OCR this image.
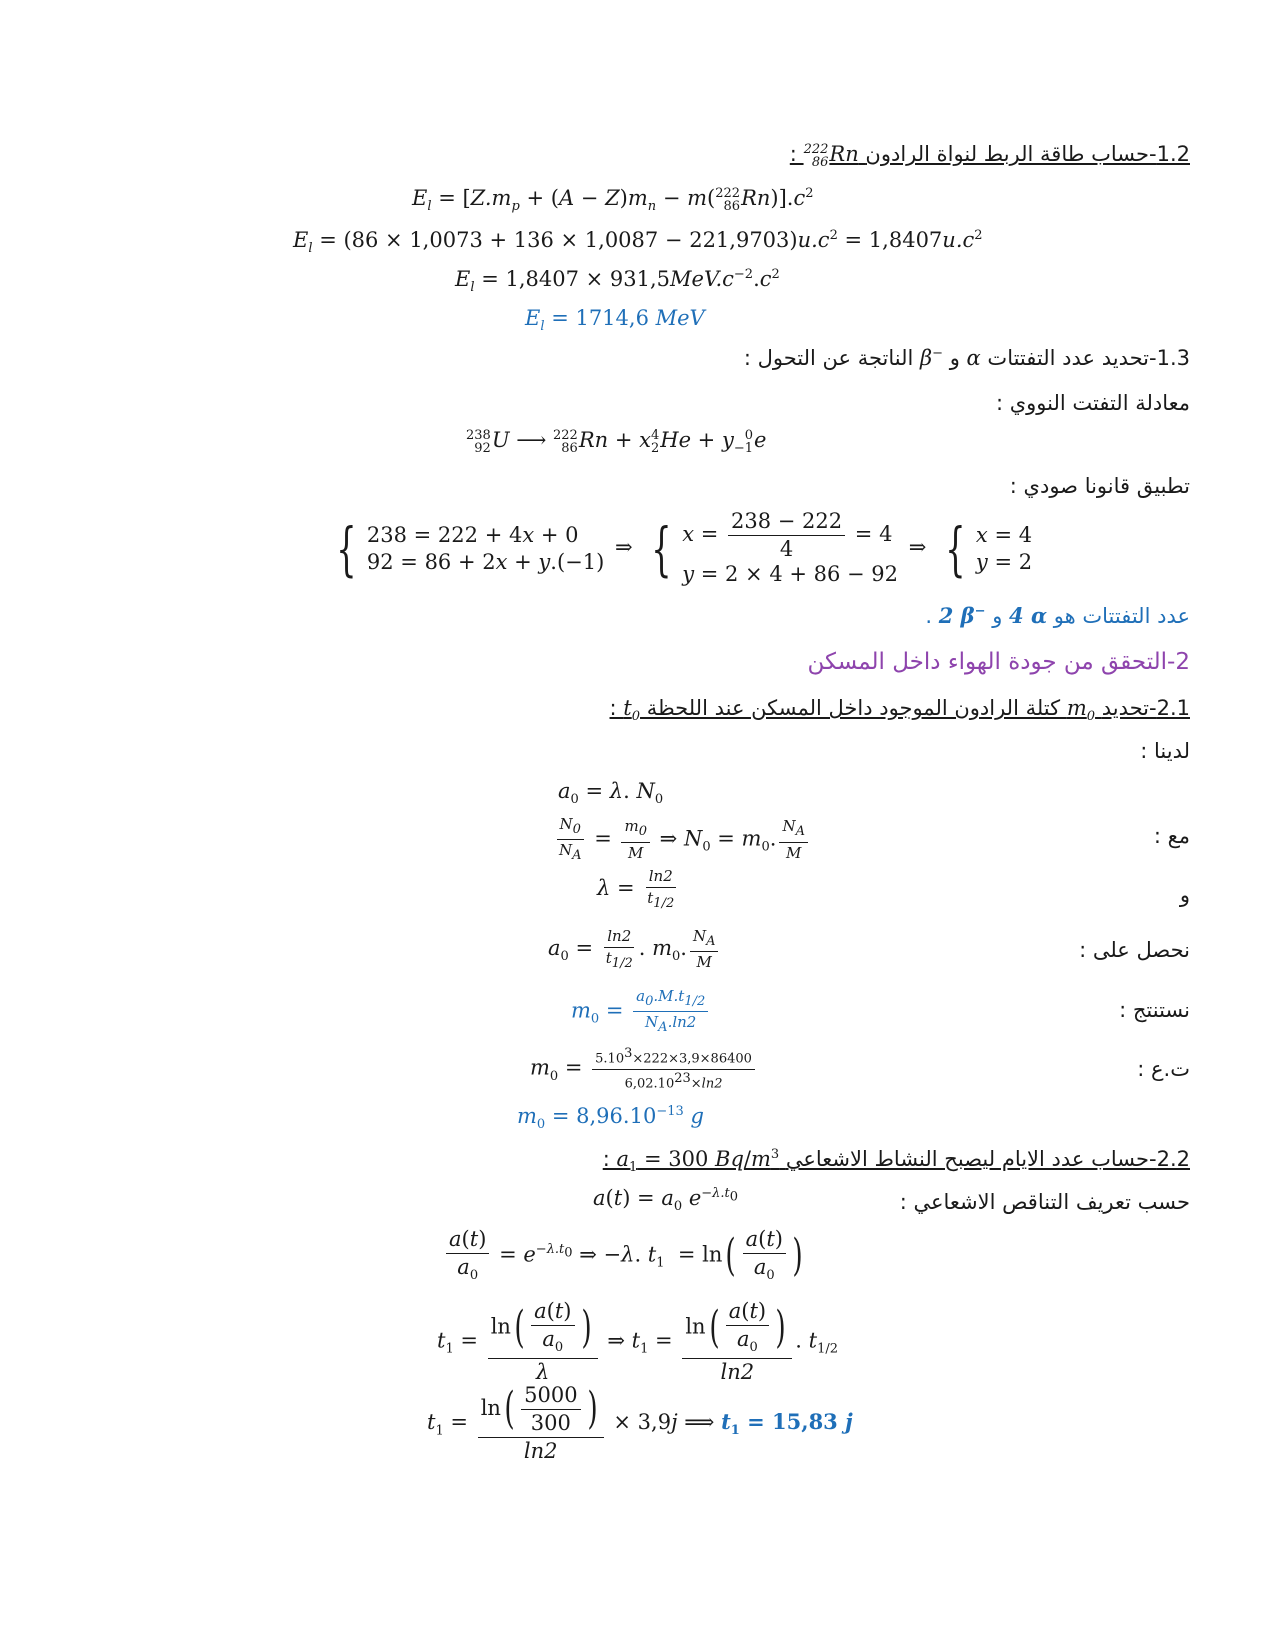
1.2-حساب طاقة الربط لنواة الرادون
222
86 Rn :
$E_l = [Z.m_p + (A - Z)m_n - m$( 222
86 $Rn)].c^2$
$E_l = (86 \times 1,0073 + 136 \times 1,0087 - 221,9703)u.c^2 = 1,8407u.c^2$
$E_l = 1,8407 \times 931,5MeV.c^{-2}.c^2$
$E_l = 1714,6$ MeV
1.3-تحديد عدد التفتتات α و β− الناتجة عن التحول :
معادلة التفتت النووي :
238
92 U ⟶ 222
86 Rn + x 4
2 He + y 0
−1 e
تطبيق قانونا صودي :
{ 238 = 222 + 4x + 0
92 = 86 + 2x + y.(−1)
⇒ { $x = \frac{238 - 222}{4} = 4$
y = 2 × 4 + 86 − 92
⇒ { x = 4
y = 2
عدد التفتتات هو 4 α و 2 β− .
2-التحقق من جودة الهواء داخل المسكن
2.1-تحديد $m_0$ كتلة الرادون الموجود داخل المسكن عند اللحظة $t_0$ :
لدينا :
$a_0 = \lambda$. $N_0$
مع :
$\frac{N_0}{N_A} = \frac{m_0}{M}$ ⇒ $N_0 = m_0$. $\frac{N_A}{M}$
و
$\lambda = \frac{\ln 2}{t_{1/2}}$
نحصل على :
$a_0 = \frac{\ln 2}{t_{1/2}}$ . $m_0$. $\frac{N_A}{M}$
نستنتج :
$m_0 = \frac{a_0.M.t_{1/2}}{N_A.\ln 2}$
ت.ع :
$m_0 = \frac{5.10^3\times 222\times 3,9\times 86400}{6,02.10^{23}\times\ln 2}$
$m_0 = 8,96.10^{-13}$ g
2.2-حساب عدد الايام ليصبح النشاط الاشعاعي $a_1 = 300$ $Bq/m^3$ :
حسب تعريف التناقص الاشعاعي :
$a(t) = a_0$ $e^{-\lambda.t_0}$
$\frac{a(t)}{a_0} = e^{-\lambda.t_0}$ ⇒ −λ. $t_1 = \ln( \frac{a(t)}{a_0}$ )
$t_1 = \frac{\ln( \frac{a(t)}{a_0} )}{\lambda}$ ⇒ $t_1 = \frac{\ln( \frac{a(t)}{a_0} )}{\ln 2}$ . $t_{1/2}$
$t_1 = \frac{\ln( \frac{5000}{300} )}{\ln 2} \times 3,9j$ ⟹ $t_1 = 15,83$ j
